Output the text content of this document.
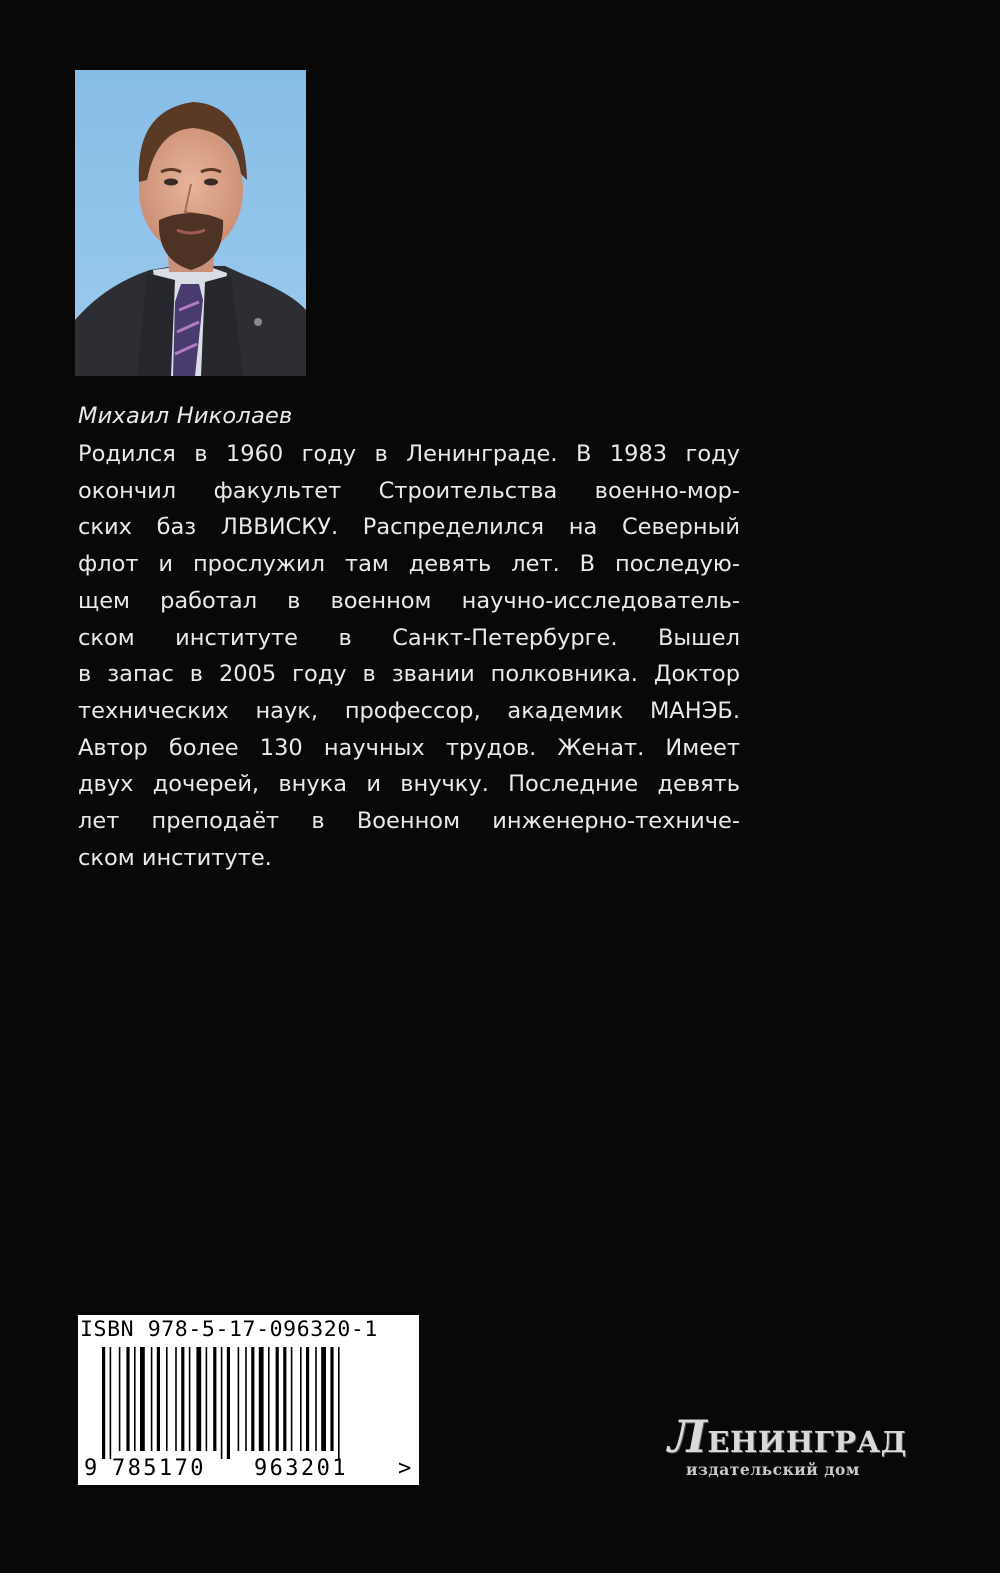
Михаил Николаев
Родился в 1960 году в Ленинграде. В 1983 году
окончил факультет Строительства военно-мор-
ских баз ЛВВИСКУ. Распределился на Северный
флот и прослужил там девять лет. В последую-
щем работал в военном научно-исследователь-
ском институте в Санкт-Петербурге. Вышел
в запас в 2005 году в звании полковника. Доктор
технических наук, профессор, академик МАНЭБ.
Автор более 130 научных трудов. Женат. Имеет
двух дочерей, внука и внучку. Последние девять
лет преподаёт в Военном инженерно-техниче-
ском институте.
ISBN 978-5-17-096320-1
9 785170 963201 >
ЛЕНИНГРАД
издательский дом
